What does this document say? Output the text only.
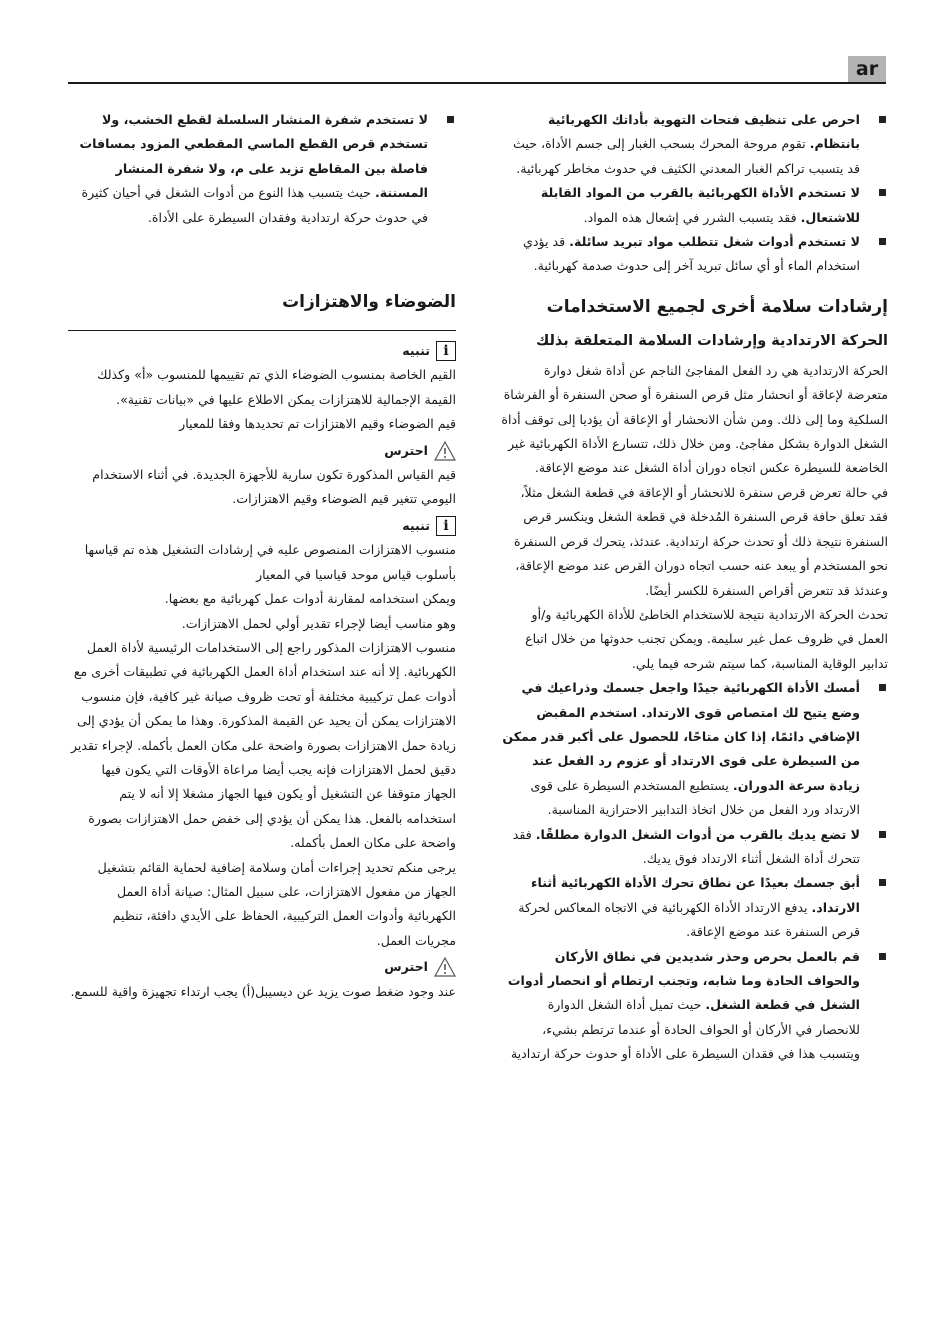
ar

احرص على تنظيف فتحات التهوية بأداتك الكهربائية بانتظام. تقوم مروحة المحرك بسحب الغبار إلى جسم الأداة، حيث قد يتسبب تراكم الغبار المعدني الكثيف في حدوث مخاطر كهربائية.

لا تستخدم الأداة الكهربائية بالقرب من المواد القابلة للاشتعال. فقد يتسبب الشرر في إشعال هذه المواد.

لا تستخدم أدوات شغل تتطلب مواد تبريد سائلة. قد يؤدي استخدام الماء أو أي سائل تبريد آخر إلى حدوث صدمة كهربائية.

إرشادات سلامة أخرى لجميع الاستخدامات
الحركة الارتدادية وإرشادات السلامة المتعلقة بذلك

الحركة الارتدادية هي رد الفعل المفاجئ الناجم عن أداة شغل دوارة متعرضة لإعاقة أو انحشار مثل قرص السنفرة أو صحن السنفرة أو الفرشاة السلكية وما إلى ذلك. ومن شأن الانحشار أو الإعاقة أن يؤديا إلى توقف أداة الشغل الدوارة بشكل مفاجئ. ومن خلال ذلك، تتسارع الأداة الكهربائية غير الخاضعة للسيطرة عكس اتجاه دوران أداة الشغل عند موضع الإعاقة.

في حالة تعرض قرص سنفرة للانحشار أو الإعاقة في قطعة الشغل مثلاً، فقد تعلق حافة قرص السنفرة المُدخلة في قطعة الشغل وينكسر قرص السنفرة نتيجة ذلك أو تحدث حركة ارتدادية. عندئذ، يتحرك قرص السنفرة نحو المستخدم أو يبعد عنه حسب اتجاه دوران القرص عند موضع الإعاقة، وعندئذ قد تتعرض أقراص السنفرة للكسر أيضًا.

تحدث الحركة الارتدادية نتيجة للاستخدام الخاطئ للأداة الكهربائية و/أو العمل في ظروف عمل غير سليمة. ويمكن تجنب حدوثها من خلال اتباع تدابير الوقاية المناسبة، كما سيتم شرحه فيما يلي.

أمسك الأداة الكهربائية جيدًا واجعل جسمك وذراعيك في وضع يتيح لك امتصاص قوى الارتداد. استخدم المقبض الإضافي دائمًا، إذا كان متاحًا، للحصول على أكبر قدر ممكن من السيطرة على قوى الارتداد أو عزوم رد الفعل عند زيادة سرعة الدوران. يستطيع المستخدم السيطرة على قوى الارتداد ورد الفعل من خلال اتخاذ التدابير الاحترازية المناسبة.

لا تضع يديك بالقرب من أدوات الشغل الدوارة مطلقًا. فقد تتحرك أداة الشغل أثناء الارتداد فوق يديك.

أبق جسمك بعيدًا عن نطاق تحرك الأداة الكهربائية أثناء الارتداد. يدفع الارتداد الأداة الكهربائية في الاتجاه المعاكس لحركة قرص السنفرة عند موضع الإعاقة.

قم بالعمل بحرص وحذر شديدين في نطاق الأركان والحواف الحادة وما شابه، وتجنب ارتطام أو انحصار أدوات الشغل في قطعة الشغل. حيث تميل أداة الشغل الدوارة للانحصار في الأركان أو الحواف الحادة أو عندما ترتطم بشيء، ويتسبب هذا في فقدان السيطرة على الأداة أو حدوث حركة ارتدادية

لا تستخدم شفرة المنشار السلسلة لقطع الخشب، ولا تستخدم قرص القطع الماسي المقطعي المزود بمسافات فاصلة بين المقاطع تزيد على م، ولا شفرة المنشار المسننة. حيث يتسبب هذا النوع من أدوات الشغل في أحيان كثيرة في حدوث حركة ارتدادية وفقدان السيطرة على الأداة.

الضوضاء والاهتزازات
i
تنبيه

القيم الخاصة بمنسوب الضوضاء الذي تم تقييمها للمنسوب «أ» وكذلك القيمة الإجمالية للاهتزازات يمكن الاطلاع عليها في «بيانات تقنية».

قيم الضوضاء وقيم الاهتزازات تم تحديدها وفقا للمعيار

احترس

قيم القياس المذكورة تكون سارية للأجهزة الجديدة. في أثناء الاستخدام اليومي تتغير قيم الضوضاء وقيم الاهتزازات.

i
تنبيه

منسوب الاهتزازات المنصوص عليه في إرشادات التشغيل هذه تم قياسها بأسلوب قياس موحد قياسيا في المعيار

ويمكن استخدامه لمقارنة أدوات عمل كهربائية مع بعضها.

وهو مناسب أيضا لإجراء تقدير أولي لحمل الاهتزازات.

منسوب الاهتزازات المذكور راجع إلى الاستخدامات الرئيسية لأداة العمل الكهربائية. إلا أنه عند استخدام أداة العمل الكهربائية في تطبيقات أخرى مع أدوات عمل تركيبية مختلفة أو تحت ظروف صيانة غير كافية، فإن منسوب الاهتزازات يمكن أن يحيد عن القيمة المذكورة. وهذا ما يمكن أن يؤدي إلى زيادة حمل الاهتزازات بصورة واضحة على مكان العمل بأكمله. لإجراء تقدير دقيق لحمل الاهتزازات فإنه يجب أيضا مراعاة الأوقات التي يكون فيها الجهاز متوقفا عن التشغيل أو يكون فيها الجهاز مشغلا إلا أنه لا يتم استخدامه بالفعل. هذا يمكن أن يؤدي إلى خفض حمل الاهتزازات بصورة واضحة على مكان العمل بأكمله.

يرجى منكم تحديد إجراءات أمان وسلامة إضافية لحماية القائم بتشغيل الجهاز من مفعول الاهتزازات، على سبيل المثال: صيانة أداة العمل الكهربائية وأدوات العمل التركيبية، الحفاظ على الأيدي دافئة، تنظيم مجريات العمل.

احترس

عند وجود ضغط صوت يزيد عن ديسيبل(أ) يجب ارتداء تجهيزة واقية للسمع.
